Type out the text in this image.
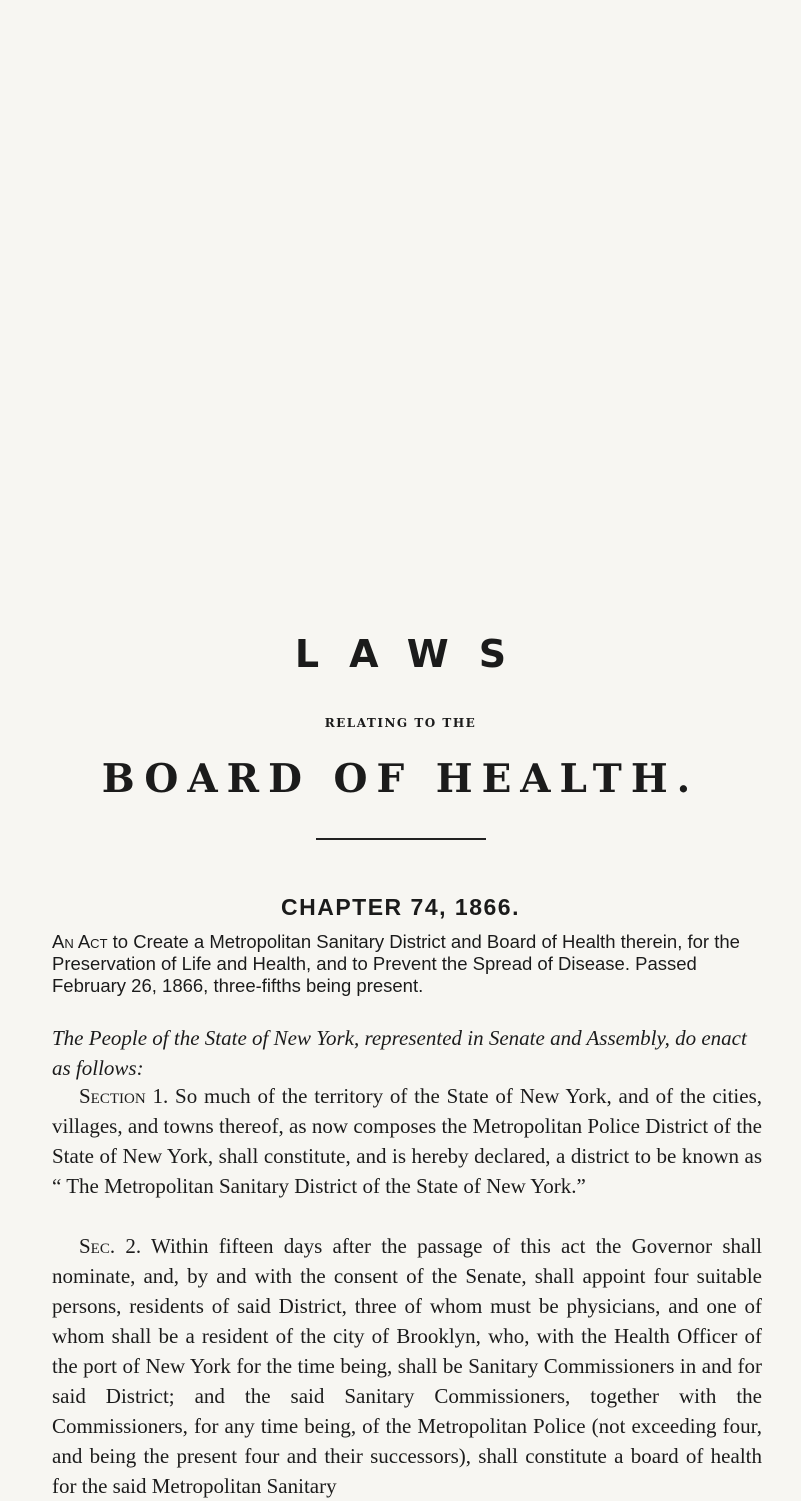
LAWS
RELATING TO THE
BOARD OF HEALTH.
CHAPTER 74, 1866.
An Act to Create a Metropolitan Sanitary District and Board of Health therein, for the Preservation of Life and Health, and to Prevent the Spread of Disease. Passed February 26, 1866, three-fifths being present.
The People of the State of New York, represented in Senate and Assembly, do enact as follows:

Section 1. So much of the territory of the State of New York, and of the cities, villages, and towns thereof, as now composes the Metropolitan Police District of the State of New York, shall constitute, and is hereby declared, a district to be known as “ The Metropolitan Sanitary District of the State of New York.”

Sec. 2. Within fifteen days after the passage of this act the Governor shall nominate, and, by and with the consent of the Senate, shall appoint four suitable persons, residents of said District, three of whom must be physicians, and one of whom shall be a resident of the city of Brooklyn, who, with the Health Officer of the port of New York for the time being, shall be Sanitary Commissioners in and for said District; and the said Sanitary Commissioners, together with the Commissioners, for any time being, of the Metropolitan Police (not exceeding four, and being the present four and their successors), shall constitute a board of health for the said Metropolitan Sanitary
